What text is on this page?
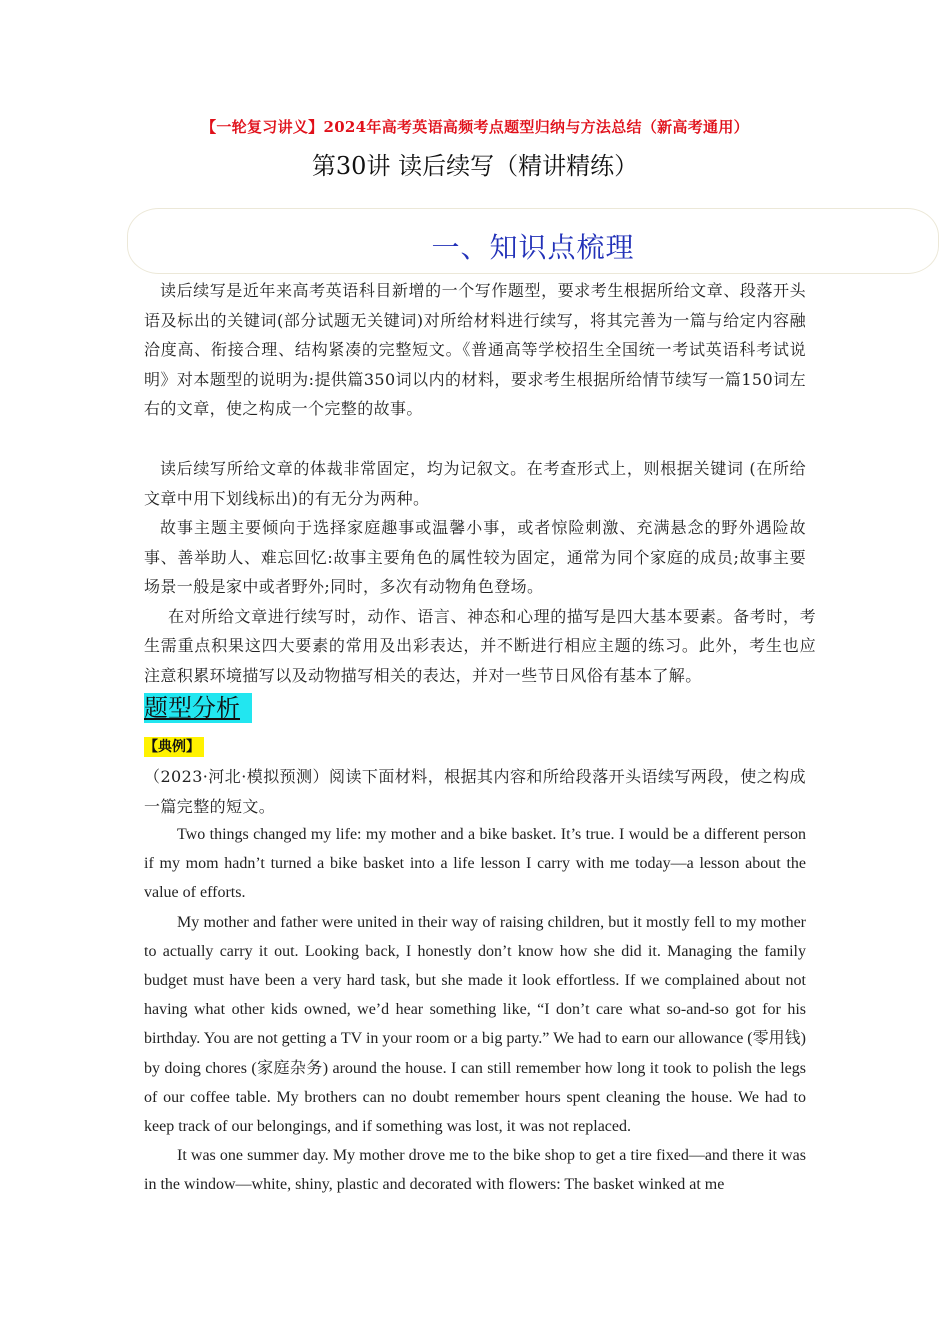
【一轮复习讲义】2024年高考英语高频考点题型归纳与方法总结（新高考通用）
第30讲 读后续写（精讲精练）
一、知识点梳理

读后续写是近年来高考英语科目新增的一个写作题型，要求考生根据所给文章、段落开头语及标出的关键词(部分试题无关键词)对所给材料进行续写，将其完善为一篇与给定内容融洽度高、衔接合理、结构紧凑的完整短文。《普通高等学校招生全国统一考试英语科考试说明》对本题型的说明为:提供篇350词以内的材料，要求考生根据所给情节续写一篇150词左右的文章，使之构成一个完整的故事。

读后续写所给文章的体裁非常固定，均为记叙文。在考查形式上，则根据关键词 (在所给文章中用下划线标出)的有无分为两种。

故事主题主要倾向于选择家庭趣事或温馨小事，或者惊险刺激、充满悬念的野外遇险故事、善举助人、难忘回忆:故事主要角色的属性较为固定，通常为同个家庭的成员;故事主要场景一般是家中或者野外;同时，多次有动物角色登场。

在对所给文章进行续写时，动作、语言、神态和心理的描写是四大基本要素。备考时，考生需重点积果这四大要素的常用及出彩表达，并不断进行相应主题的练习。此外，考生也应注意积累环境描写以及动物描写相关的表达，并对一些节日风俗有基本了解。

题型分析
【典例】

（2023·河北·模拟预测）阅读下面材料，根据其内容和所给段落开头语续写两段，使之构成一篇完整的短文。

Two things changed my life: my mother and a bike basket. It’s true. I would be a different person if my mom hadn’t turned a bike basket into a life lesson I carry with me today—a lesson about the value of efforts.

My mother and father were united in their way of raising children, but it mostly fell to my mother to actually carry it out. Looking back, I honestly don’t know how she did it. Managing the family budget must have been a very hard task, but she made it look effortless. If we complained about not having what other kids owned, we’d hear something like, “I don’t care what so-and-so got for his birthday. You are not getting a TV in your room or a big party.” We had to earn our allowance (零用钱) by doing chores (家庭杂务) around the house. I can still remember how long it took to polish the legs of our coffee table. My brothers can no doubt remember hours spent cleaning the house. We had to keep track of our belongings, and if something was lost, it was not replaced.

It was one summer day. My mother drove me to the bike shop to get a tire fixed—and there it was in the window—white, shiny, plastic and decorated with flowers: The basket winked at me
